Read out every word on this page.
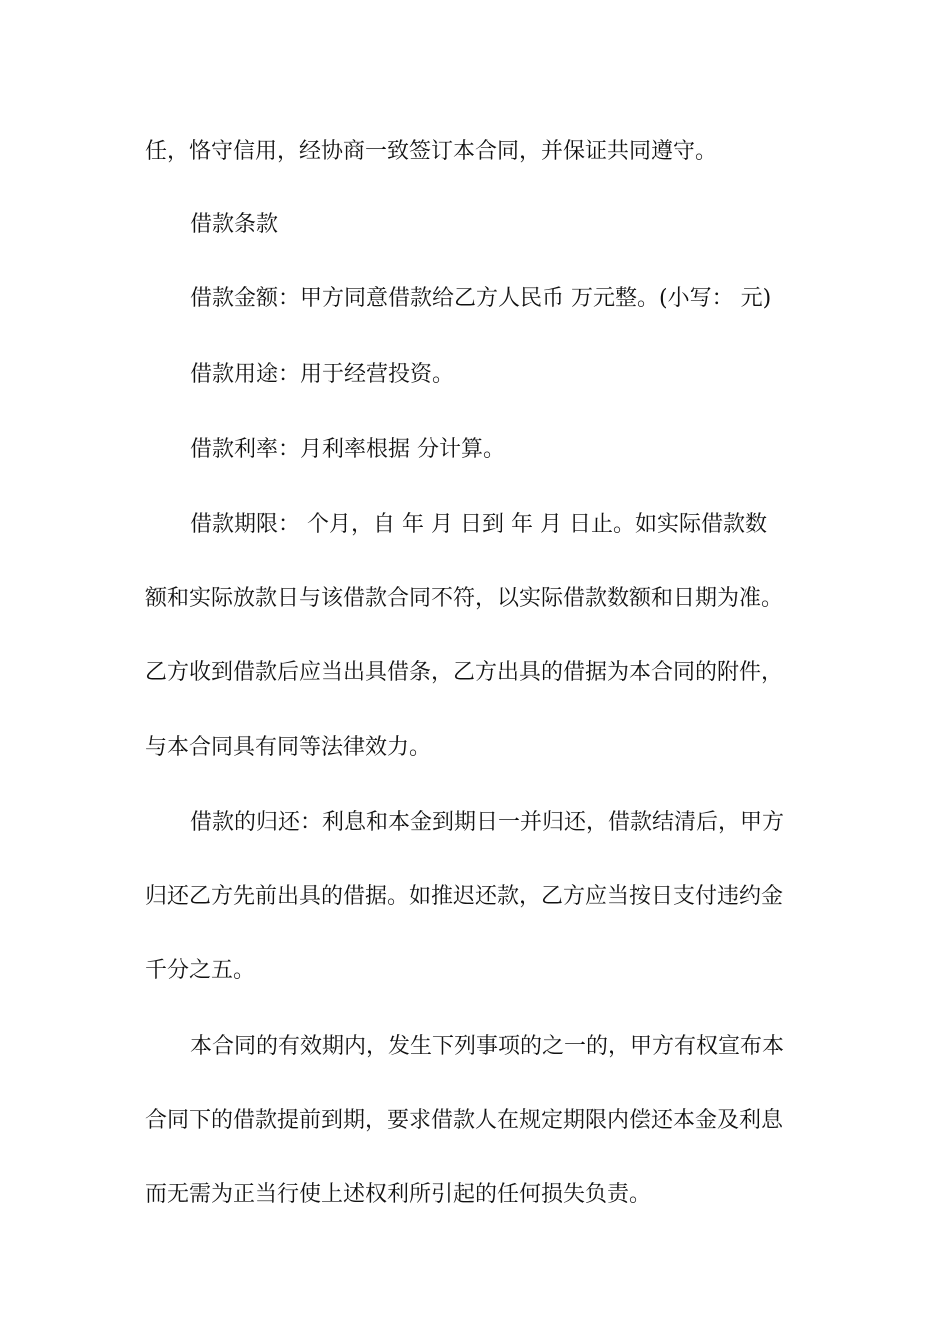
任，恪守信用，经协商一致签订本合同，并保证共同遵守。
借款条款
借款金额：甲方同意借款给乙方人民币 万元整。(小写： 元)
借款用途：用于经营投资。
借款利率：月利率根据 分计算。
借款期限： 个月，自 年 月 日到 年 月 日止。如实际借款数
额和实际放款日与该借款合同不符，以实际借款数额和日期为准。
乙方收到借款后应当出具借条，乙方出具的借据为本合同的附件，
与本合同具有同等法律效力。
借款的归还：利息和本金到期日一并归还，借款结清后，甲方
归还乙方先前出具的借据。如推迟还款，乙方应当按日支付违约金
千分之五。
本合同的有效期内，发生下列事项的之一的，甲方有权宣布本
合同下的借款提前到期，要求借款人在规定期限内偿还本金及利息
而无需为正当行使上述权利所引起的任何损失负责。
